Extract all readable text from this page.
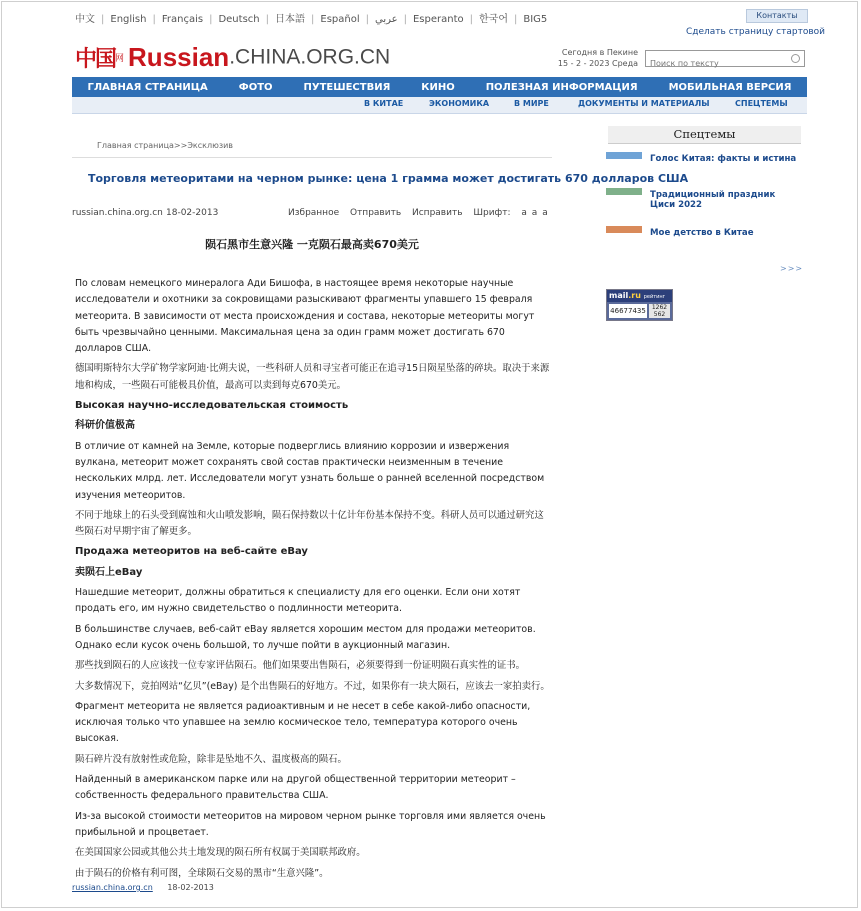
中文 | English | Français | Deutsch | 日本語 | Español | عربي | Esperanto | 한국어 | BIG5	Контакты
Сделать страницу стартовой
中国网 Russian.CHINA.ORG.CN	Сегодня в Пекине
15 - 2 - 2023 Среда
Поиск по тексту
ГЛАВНАЯ СТРАНИЦА	ФОТО	ПУТЕШЕСТВИЯ	КИНО	ПОЛЕЗНАЯ ИНФОРМАЦИЯ	МОБИЛЬНАЯ ВЕРСИЯ
В КИТАЕ	ЭКОНОМИКА	В МИРЕ	ДОКУМЕНТЫ И МАТЕРИАЛЫ	СПЕЦТЕМЫ
Главная страница>>Эксклюзив
Торговля метеоритами на черном рынке: цена 1 грамма может достигать 670 долларов США
russian.china.org.cn 18-02-2013	Избранное Отправить Исправить Шрифт: a a a
陨石黑市生意兴隆 一克陨石最高卖670美元

По словам немецкого минералога Ади Бишофа, в настоящее время некоторые научные исследователи и охотники за сокровищами разыскивают фрагменты упавшего 15 февраля метеорита. В зависимости от места происхождения и состава, некоторые метеориты могут быть чрезвычайно ценными. Максимальная цена за один грамм может достигать 670 долларов США.

德国明斯特尔大学矿物学家阿迪·比朔夫说，一些科研人员和寻宝者可能正在追寻15日陨星坠落的碎块。取决于来源地和构成，一些陨石可能极具价值，最高可以卖到每克670美元。

Высокая научно-исследовательская стоимость
科研价值极高

В отличие от камней на Земле, которые подверглись влиянию коррозии и извержения вулкана, метеорит может сохранять свой состав практически неизменным в течение нескольких млрд. лет. Исследователи могут узнать больше о ранней вселенной посредством изучения метеоритов.

不同于地球上的石头受到腐蚀和火山喷发影响，陨石保持数以十亿计年份基本保持不变。科研人员可以通过研究这些陨石对早期宇宙了解更多。

Продажа метеоритов на веб-сайте eBay
卖陨石上eBay

Нашедшие метеорит, должны обратиться к специалисту для его оценки. Если они хотят продать его, им нужно свидетельство о подлинности метеорита.

В большинстве случаев, веб-сайт eBay является хорошим местом для продажи метеоритов. Однако если кусок очень большой, то лучше пойти в аукционный магазин.

那些找到陨石的人应该找一位专家评估陨石。他们如果要出售陨石，必须要得到一份证明陨石真实性的证书。

大多数情况下，竞拍网站“亿贝”(eBay) 是个出售陨石的好地方。不过，如果你有一块大陨石，应该去一家拍卖行。

Фрагмент метеорита не является радиоактивным и не несет в себе какой-либо опасности, исключая только что упавшее на землю космическое тело, температура которого очень высокая.

陨石碎片没有放射性或危险，除非是坠地不久、温度极高的陨石。

Найденный в американском парке или на другой общественной территории метеорит – собственность федерального правительства США.

Из-за высокой стоимости метеоритов на мировом черном рынке торговля ими является очень прибыльной и процветает.

在美国国家公园或其他公共土地发现的陨石所有权属于美国联邦政府。

由于陨石的价格有利可图，全球陨石交易的黑市“生意兴隆”。

russian.china.org.cn 18-02-2013
Спецтемы
Голос Китая: факты и истина
Традиционный праздник Циси 2022
Мое детство в Китае
>>>
mail.ru рейтинг
46677435	1262
562
